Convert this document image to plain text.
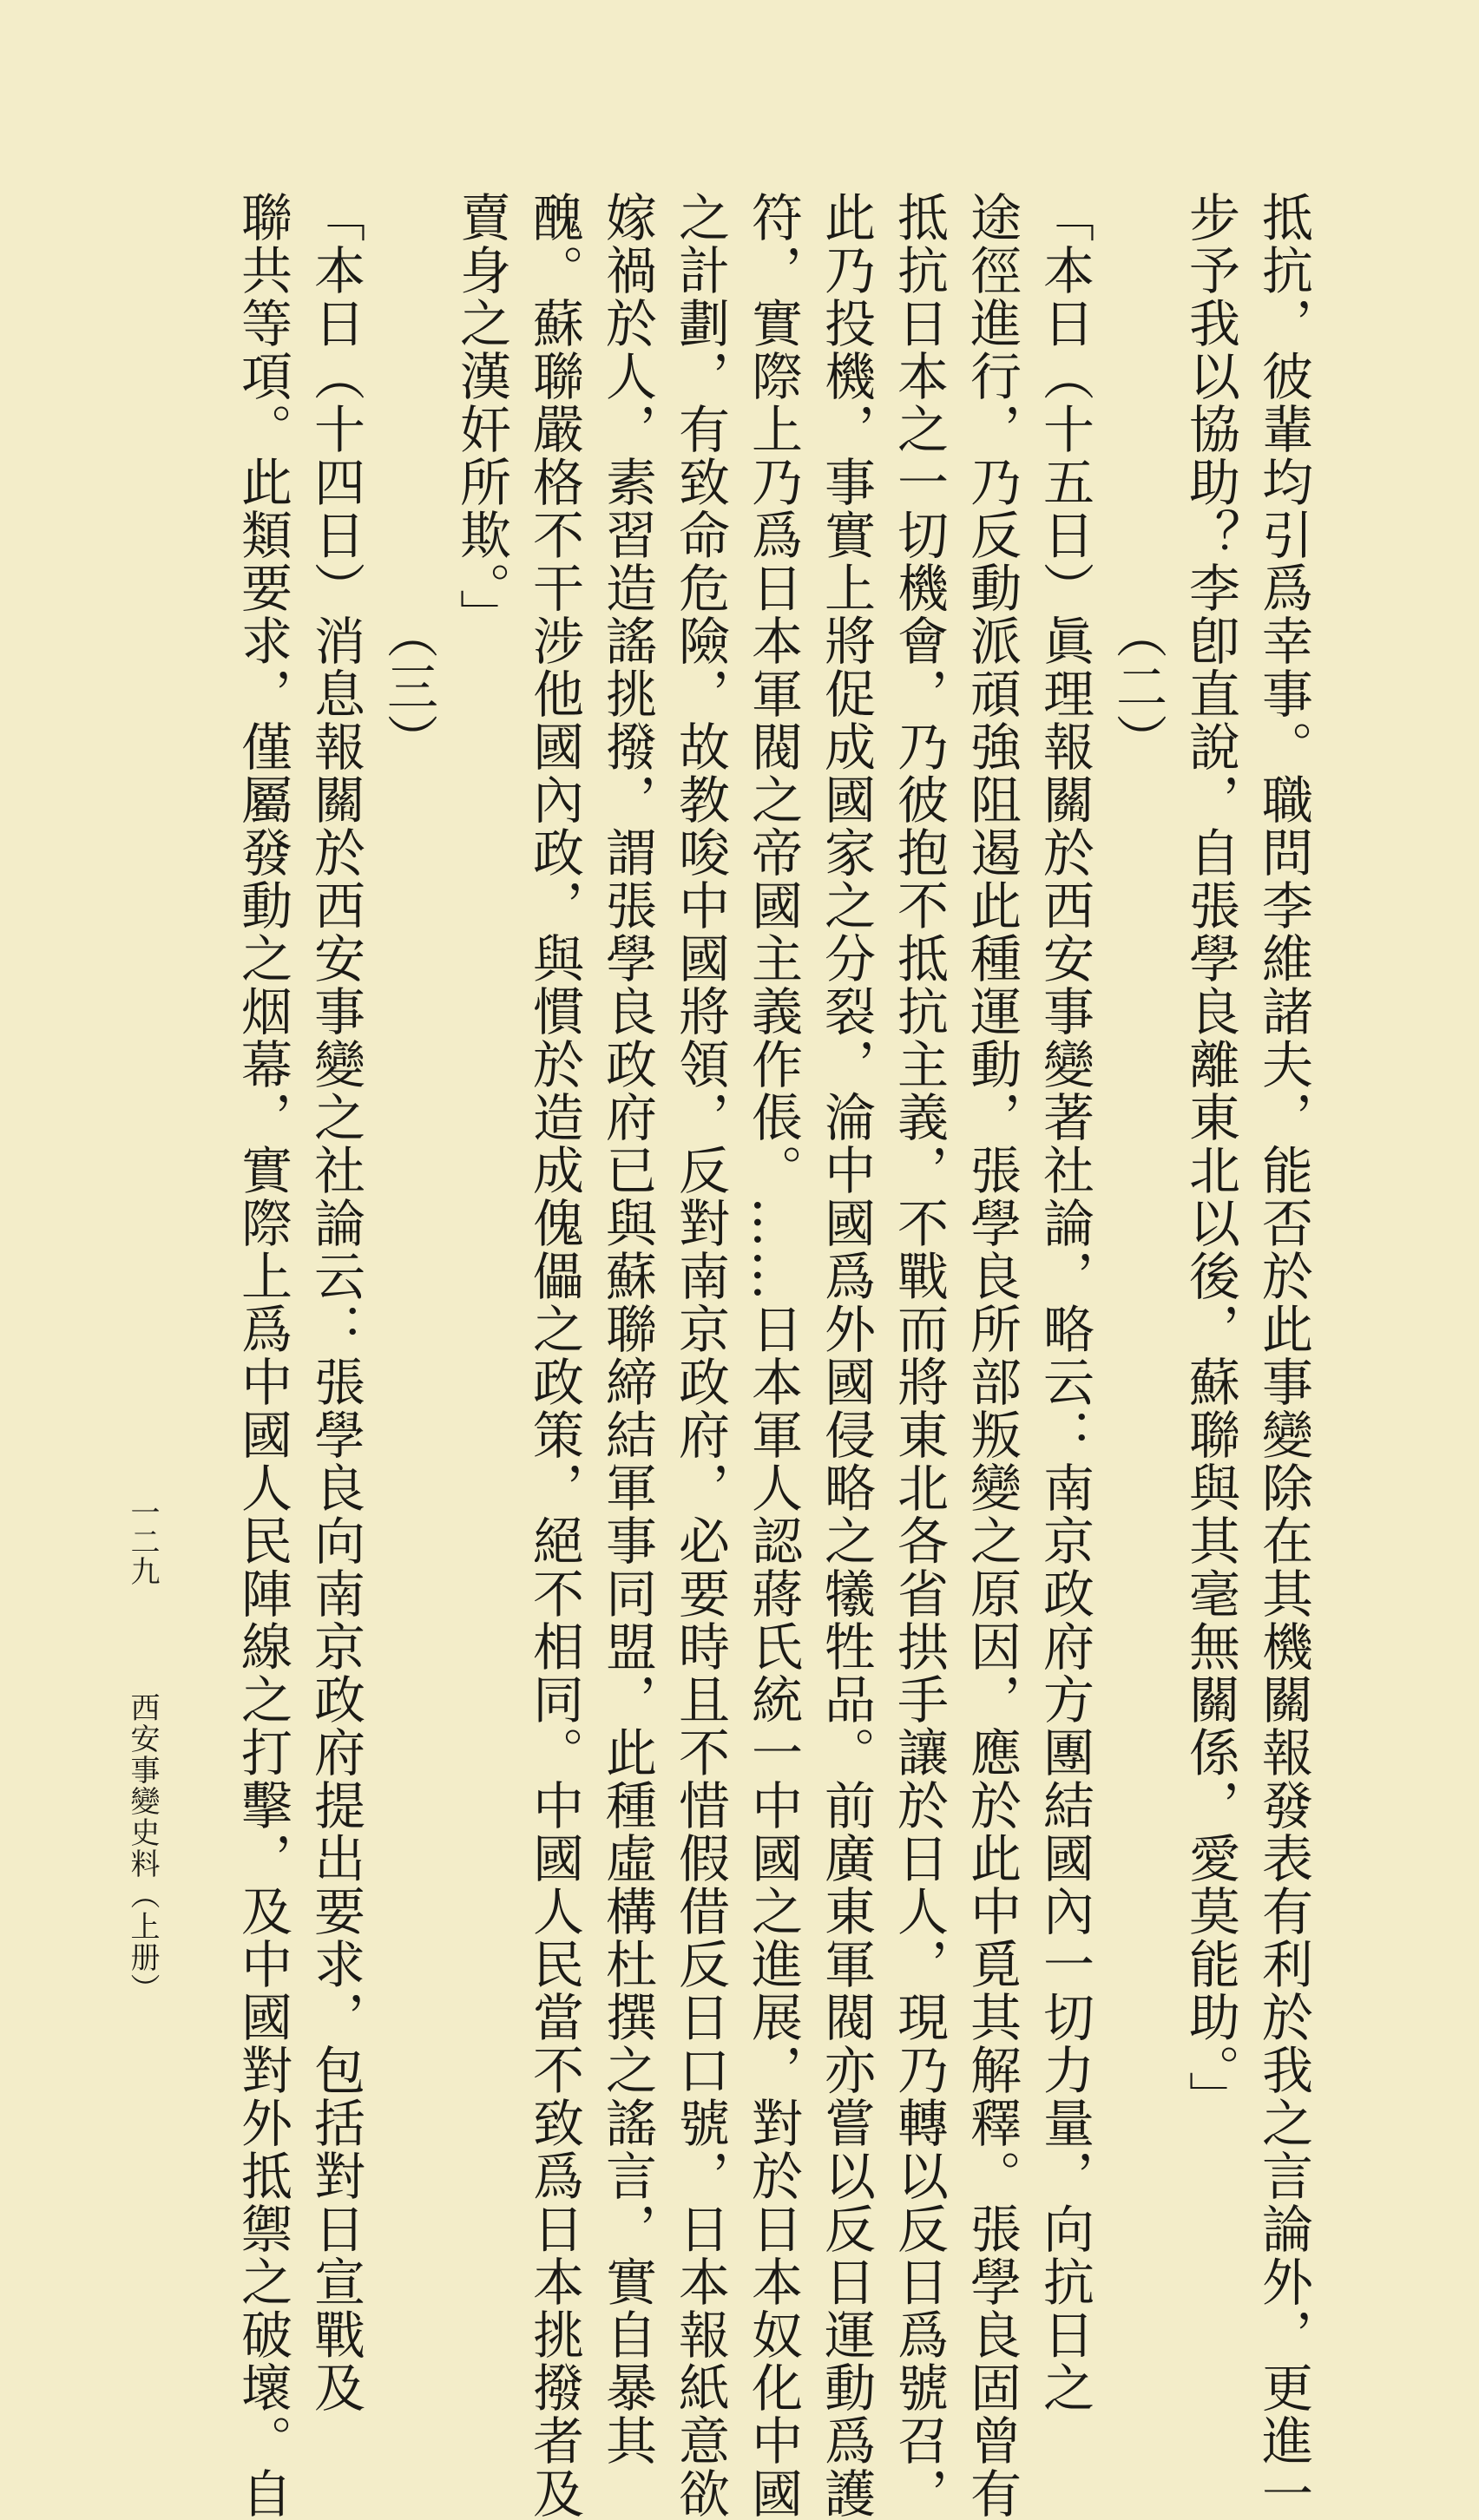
抵抗，彼輩均引爲幸事。職問李維諸夫，能否於此事變除在其機關報發表有利於我之言論外，更進一
步予我以協助？李卽直說，自張學良離東北以後，蘇聯與其毫無關係，愛莫能助。」
（二）
「本日（十五日）眞理報關於西安事變著社論，略云：南京政府方團結國內一切力量，向抗日之
途徑進行，乃反動派頑強阻遏此種運動，張學良所部叛變之原因，應於此中覓其解釋。張學良固曾有
抵抗日本之一切機會，乃彼抱不抵抗主義，不戰而將東北各省拱手讓於日人，現乃轉以反日爲號召，
此乃投機，事實上將促成國家之分裂，淪中國爲外國侵略之犧牲品。前廣東軍閥亦嘗以反日運動爲護
符，實際上乃爲日本軍閥之帝國主義作倀。……日本軍人認蔣氏統一中國之進展，對於日本奴化中國
之計劃，有致命危險，故教唆中國將領，反對南京政府，必要時且不惜假借反日口號，日本報紙意欲
嫁禍於人，素習造謠挑撥，謂張學良政府已與蘇聯締結軍事同盟，此種虛構杜撰之謠言，實自暴其
醜。蘇聯嚴格不干涉他國內政，與慣於造成傀儡之政策，絕不相同。中國人民當不致爲日本挑撥者及
賣身之漢奸所欺。」
（三）
「本日（十四日）消息報關於西安事變之社論云：張學良向南京政府提出要求，包括對日宣戰及
聯共等項。此類要求，僅屬發動之烟幕，實際上爲中國人民陣線之打擊，及中國對外抵禦之破壞。自
一二九
西安事變史料（上册）
